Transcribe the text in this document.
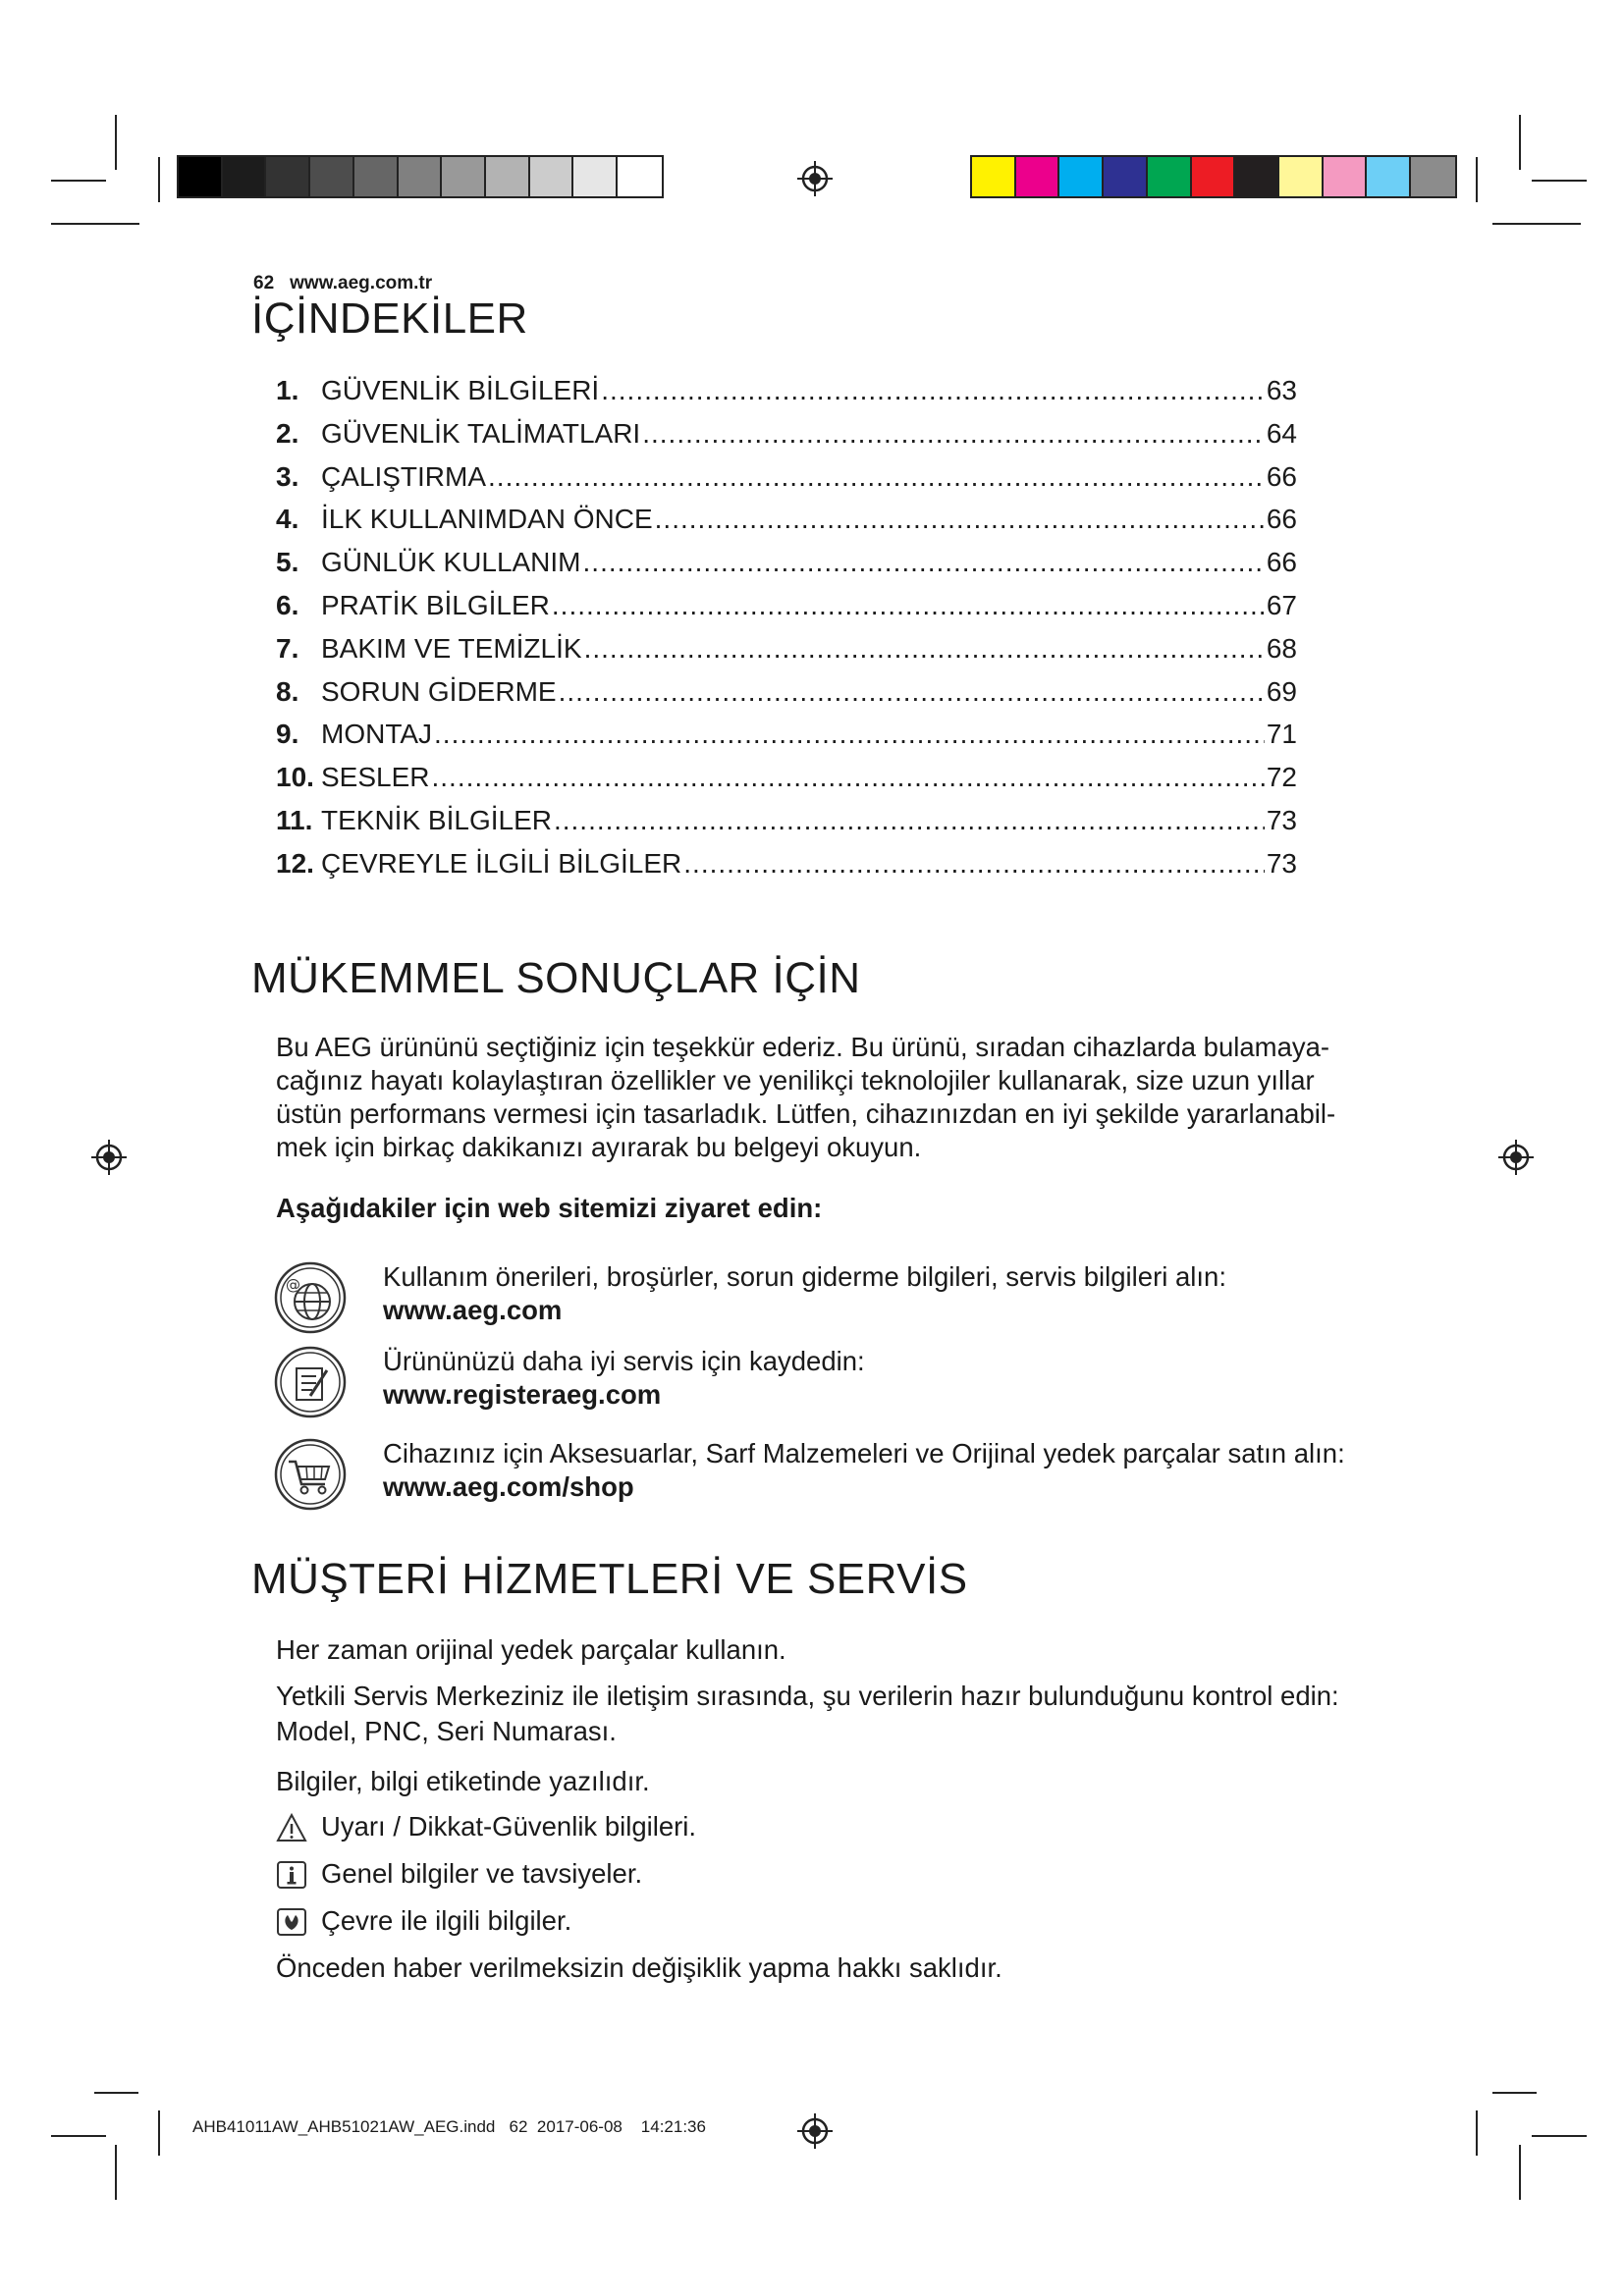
62 www.aeg.com.tr
İÇİNDEKİLER
1. GÜVENLİK BİLGİLERİ .....	63
2. GÜVENLİK TALİMATLARI .....	64
3. ÇALIŞTIRMA .....	66
4. İLK KULLANIMDAN ÖNCE .....	66
5. GÜNLÜK KULLANIM .....	66
6. PRATİK BİLGİLER .....	67
7. BAKIM VE TEMİZLİK .....	68
8. SORUN GİDERME .....	69
9. MONTAJ .....	71
10. SESLER .....	72
11. TEKNİK BİLGİLER .....	73
12. ÇEVREYLE İLGİLİ BİLGİLER .....	73
MÜKEMMEL SONUÇLAR İÇİN
Bu AEG ürününü seçtiğiniz için teşekkür ederiz. Bu ürünü, sıradan cihazlarda bulamaya-
cağınız hayatı kolaylaştıran özellikler ve yenilikçi teknolojiler kullanarak, size uzun yıllar
üstün performans vermesi için tasarladık. Lütfen, cihazınızdan en iyi şekilde yararlanabil-
mek için birkaç dakikanızı ayırarak bu belgeyi okuyun.
Aşağıdakiler için web sitemizi ziyaret edin:
@	Kullanım önerileri, broşürler, sorun giderme bilgileri, servis bilgileri alın:
www.aeg.com
Ürününüzü daha iyi servis için kaydedin:
www.registeraeg.com
Cihazınız için Aksesuarlar, Sarf Malzemeleri ve Orijinal yedek parçalar satın alın:
www.aeg.com/shop
MÜŞTERİ HİZMETLERİ VE SERVİS
Her zaman orijinal yedek parçalar kullanın.
Yetkili Servis Merkeziniz ile iletişim sırasında, şu verilerin hazır bulunduğunu kontrol edin:
Model, PNC, Seri Numarası.
Bilgiler, bilgi etiketinde yazılıdır.
Uyarı / Dikkat-Güvenlik bilgileri.
Genel bilgiler ve tavsiyeler.
Çevre ile ilgili bilgiler.
Önceden haber verilmeksizin değişiklik yapma hakkı saklıdır.
AHB41011AW_AHB51021AW_AEG.indd 62 2017-06-08 14:21:36
